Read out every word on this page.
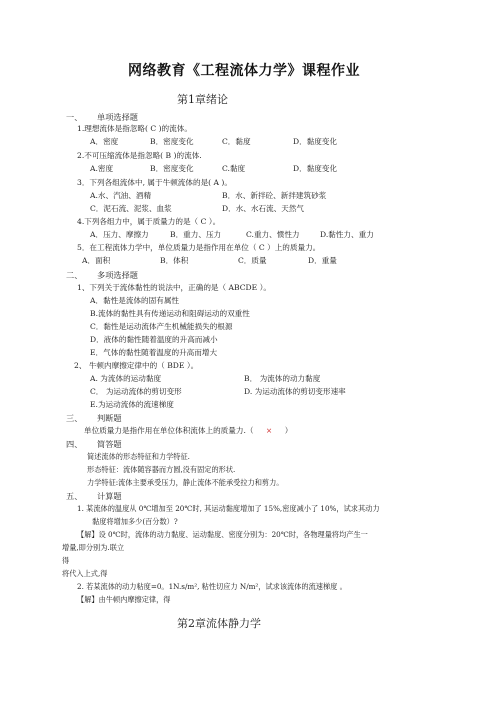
网络教育《工程流体力学》课程作业
第1章绪论
一、 单项选择题
1.理想流体是指忽略( C )的流体。
A．密度	B．密度变化	C．黏度	D．黏度变化
2.不可压缩流体是指忽略( B )的流体.
A.密度	B．密度变化	C.黏度	D．黏度变化
3．下列各组流体中, 属于牛顿流体的是( A )。
A.水、汽油、酒精	B．水、新拌砼、新拌建筑砂浆
C．泥石流、泥浆、血浆	D．水、水石流、天然气
4.下列各组力中，属于质量力的是（ C ）。
A．压力、摩擦力	B．重力、压力	C.重力、惯性力	D.黏性力、重力
5．在工程流体力学中，单位质量力是指作用在单位（ C ）上的质量力。
A．面积	B．体积	C．质量	D．重量
二、 多项选择题
1、下列关于流体黏性的说法中，正确的是（ ABCDE ）。
A．黏性是流体的固有属性
B.流体的黏性具有传递运动和阻碍运动的双重性
C．黏性是运动流体产生机械能损失的根源
D．液体的黏性随着温度的升高而减小
E．气体的黏性随着温度的升高而增大
2、 牛顿内摩擦定律中的（ BDE ）。
A. 为流体的运动黏度	B． 为流体的动力黏度
C． 为运动流体的剪切变形	D. 为运动流体的剪切变形速率
E.为运动流体的流速梯度
三、 判断题
单位质量力是指作用在单位体积流体上的质量力.（ × ）
四、 简答题
简述流体的形态特征和力学特征.
形态特征：流体随容器而方圆,没有固定的形状.
力学特征:流体主要承受压力，静止流体不能承受拉力和剪力。
五、 计算题
1. 某流体的温度从 0℃增加至 20℃时, 其运动黏度增加了 15%,密度减小了 10%，试求其动力
黏度将增加多少(百分数）?
【解】设 0℃时，流体的动力黏度、运动黏度、密度分别为：20℃时，各物理量将均产生一
增量,即分别为.联立
得
将代入上式,得
2. 若某流体的动力粘度=0。1N.s/m², 粘性切应力 N/m²，试求该流体的流速梯度 。
【解】由牛顿内摩擦定律，得
第2章流体静力学
